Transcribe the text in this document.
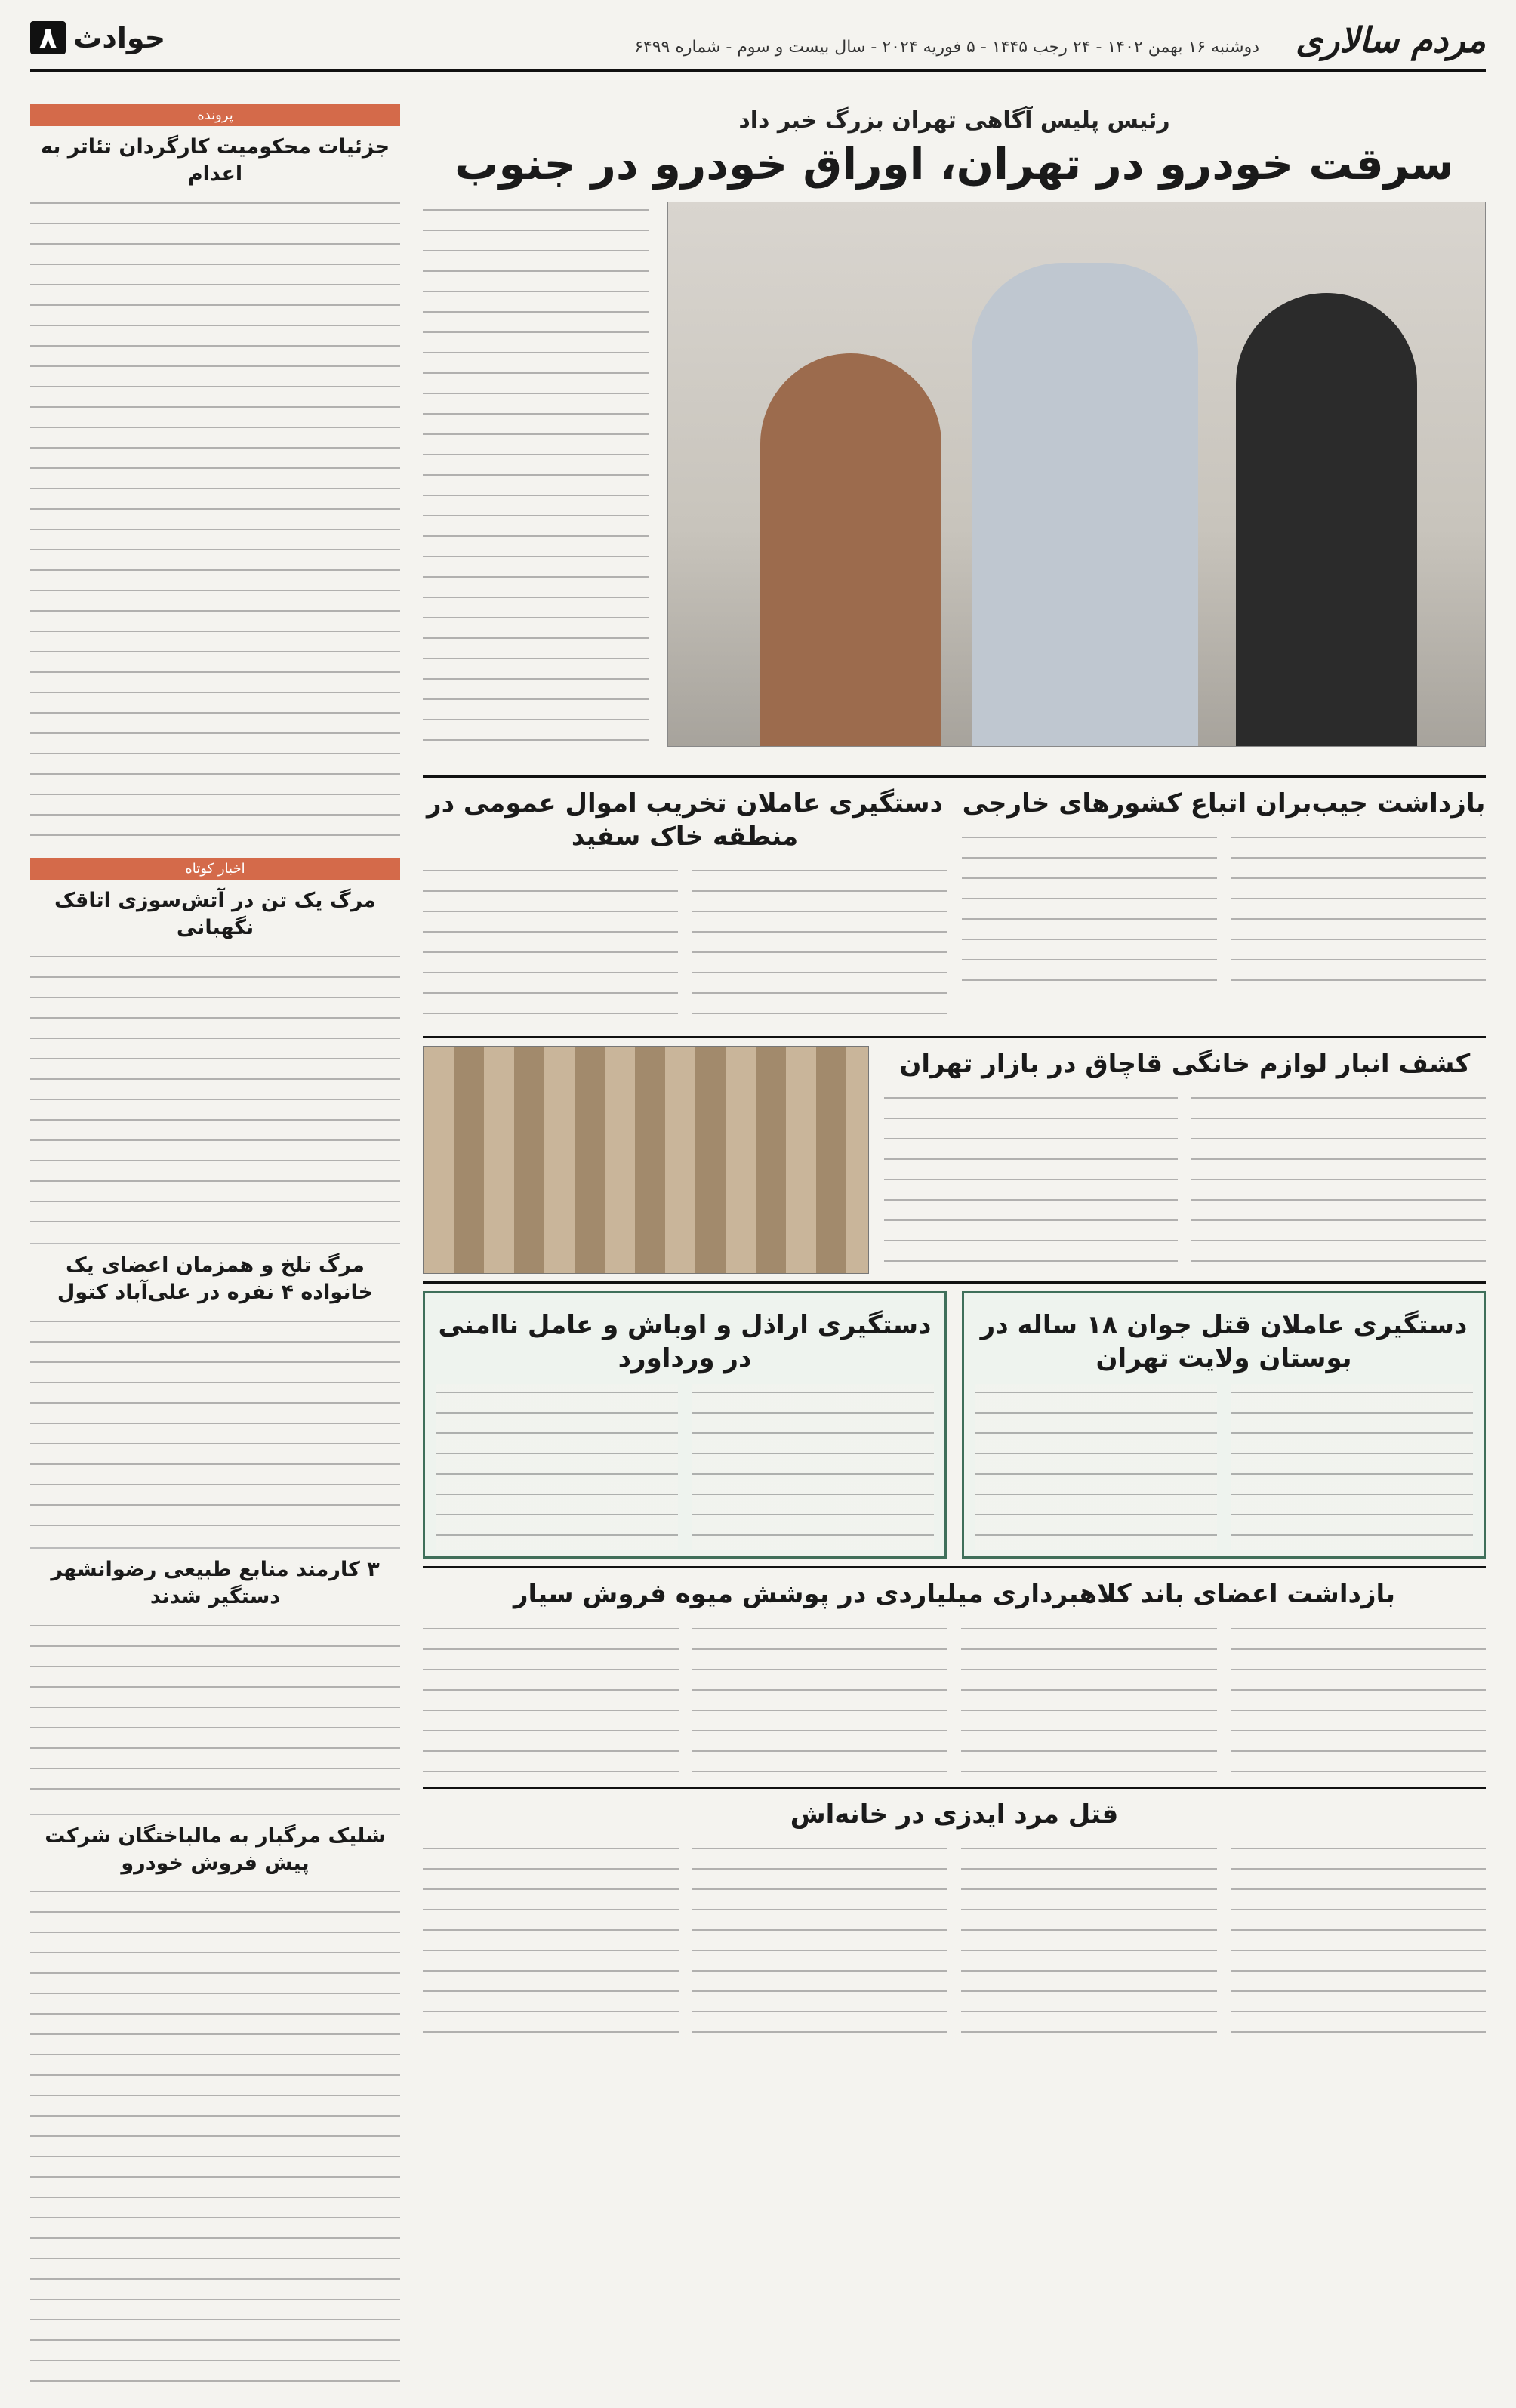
مردم سالاری
دوشنبه ۱۶ بهمن ۱۴۰۲ - ۲۴ رجب ۱۴۴۵ - ۵ فوریه ۲۰۲۴ - سال بیست و سوم - شماره ۶۴۹۹
حوادث
۸
پرونده
جزئیات محکومیت کارگردان تئاتر به اعدام
اخبار کوتاه
مرگ یک تن در آتش‌سوزی اتاقک نگهبانی
مرگ تلخ و همزمان اعضای یک خانواده ۴ نفره در علی‌آباد کتول
۳ کارمند منابع طبیعی رضوانشهر دستگیر شدند
شلیک مرگبار به مالباختگان شرکت پیش فروش خودرو
رئیس پلیس آگاهی تهران بزرگ خبر داد
سرقت خودرو در تهران، اوراق خودرو در جنوب
بازداشت جیب‌بران اتباع کشورهای خارجی
دستگیری عاملان تخریب اموال عمومی در منطقه خاک سفید
کشف انبار لوازم خانگی قاچاق در بازار تهران
دستگیری عاملان قتل جوان ۱۸ ساله در بوستان ولایت تهران
دستگیری اراذل و اوباش و عامل ناامنی در ورداورد
بازداشت اعضای باند کلاهبرداری میلیاردی در پوشش میوه فروش سیار
قتل مرد ایدزی در خانه‌اش
